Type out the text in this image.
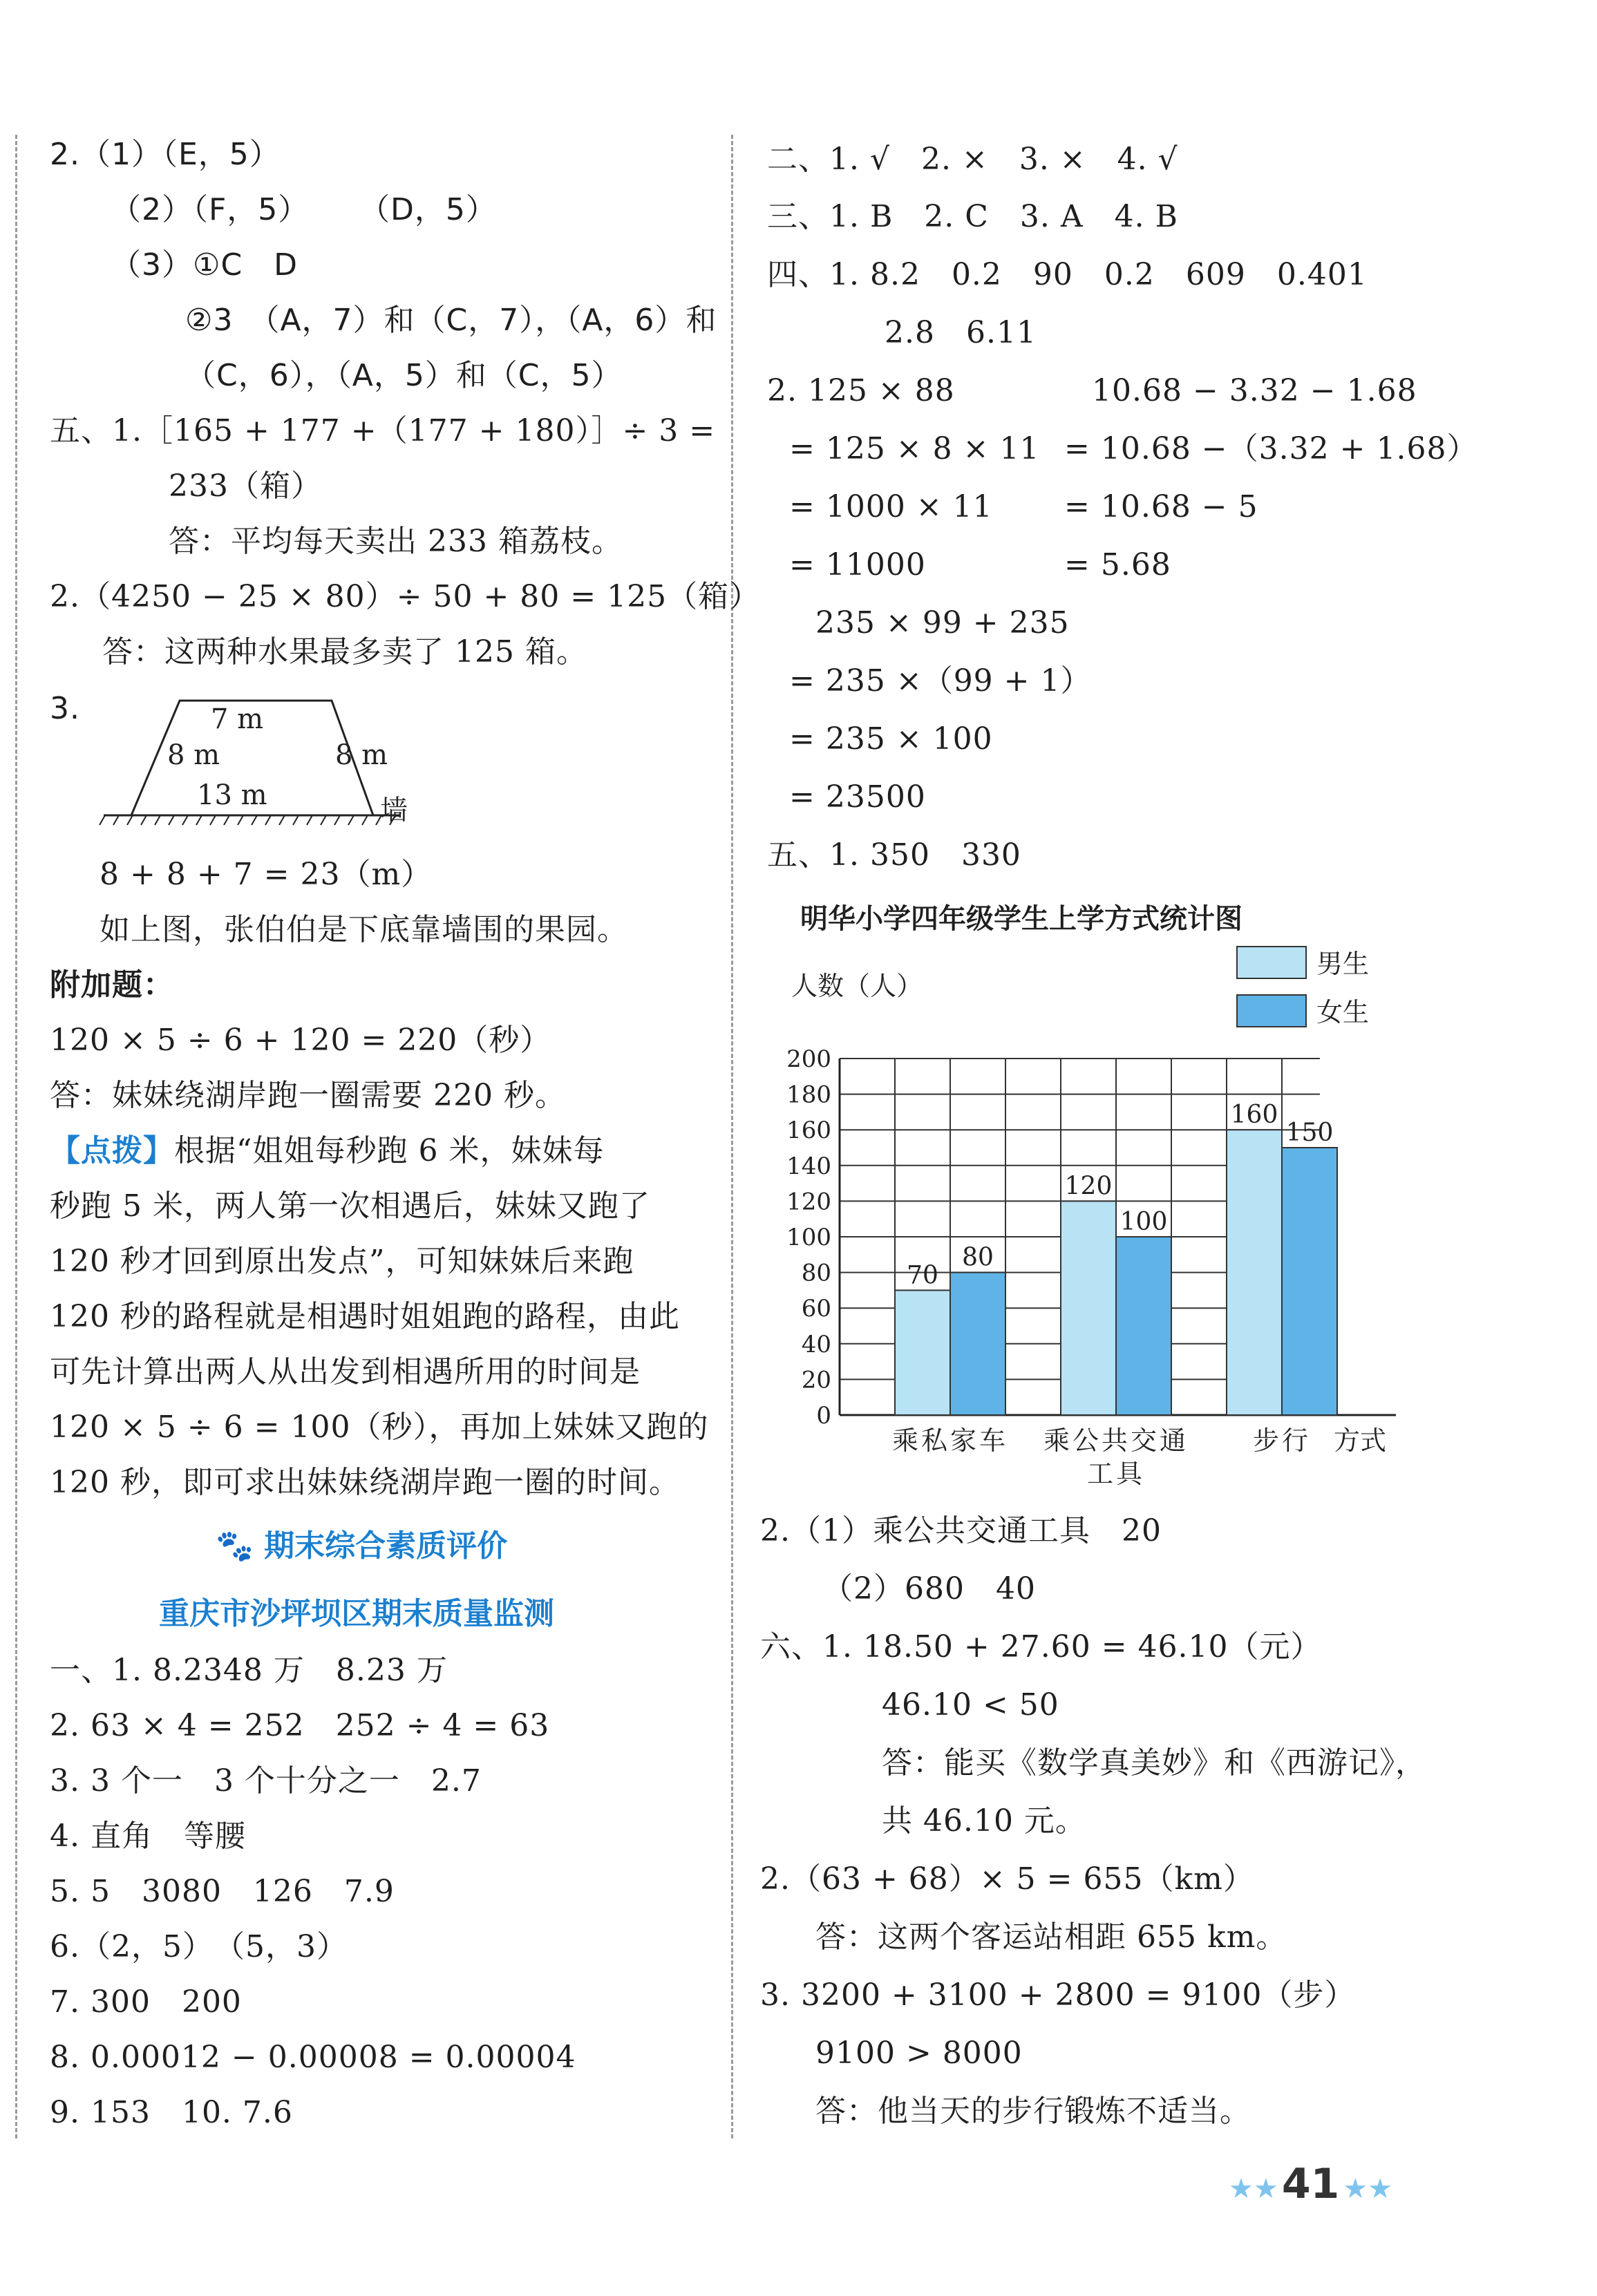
2.（1）（E，5）
（2）（F，5） （D，5）
（3）①C　D
②3　（A，7）和（C，7），（A，6）和
（C，6），（A，5）和（C，5）
五、1.［165 + 177 +（177 + 180）］÷ 3 =
233（箱）
答：平均每天卖出 233 箱荔枝。
2.（4250 − 25 × 80）÷ 50 + 80 = 125（箱）
答：这两种水果最多卖了 125 箱。
3.	7 m
8 m	8 m
13 m	墙
8 + 8 + 7 = 23（m）
如上图，张伯伯是下底靠墙围的果园。
附加题：
120 × 5 ÷ 6 + 120 = 220（秒）
答：妹妹绕湖岸跑一圈需要 220 秒。
【点拨】根据“姐姐每秒跑 6 米，妹妹每
秒跑 5 米，两人第一次相遇后，妹妹又跑了
120 秒才回到原出发点”，可知妹妹后来跑
120 秒的路程就是相遇时姐姐跑的路程，由此
可先计算出两人从出发到相遇所用的时间是
120 × 5 ÷ 6 = 100（秒），再加上妹妹又跑的
120 秒，即可求出妹妹绕湖岸跑一圈的时间。
🐾 期末综合素质评价
重庆市沙坪坝区期末质量监测
一、1. 8.2348 万　8.23 万
2. 63 × 4 = 252　252 ÷ 4 = 63
3. 3 个一　3 个十分之一　2.7
4. 直角　等腰
5. 5　3080　126　7.9
6.（2，5）　（5，3）
7. 300　200
8. 0.00012 − 0.00008 = 0.00004
9. 153　10. 7.6
二、1. √　2. ×　3. ×　4. √
三、1. B　2. C　3. A　4. B
四、1. 8.2　0.2　90　0.2　609　0.401
2.8　6.11
2. 125 × 88
= 125 × 8 × 11
= 1000 × 11
= 11000
10.68 − 3.32 − 1.68
= 10.68 −（3.32 + 1.68）
= 10.68 − 5
= 5.68
235 × 99 + 235
= 235 ×（99 + 1）
= 235 × 100
= 23500
五、1. 350　330
明华小学四年级学生上学方式统计图
0
20
40
60
80
100
120
140
160
180
200
人数（人）
方式
男生
女生
70
80
乘私家车
120
100
乘公共交通
工具
160
150
步行
2.（1）乘公共交通工具　20
（2）680　40
六、1. 18.50 + 27.60 = 46.10（元）
46.10 < 50
答：能买《数学真美妙》和《西游记》，
共 46.10 元。
2.（63 + 68）× 5 = 655（km）
答：这两个客运站相距 655 km。
3. 3200 + 3100 + 2800 = 9100（步）
9100 > 8000
答：他当天的步行锻炼不适当。
★★ 41 ★★
